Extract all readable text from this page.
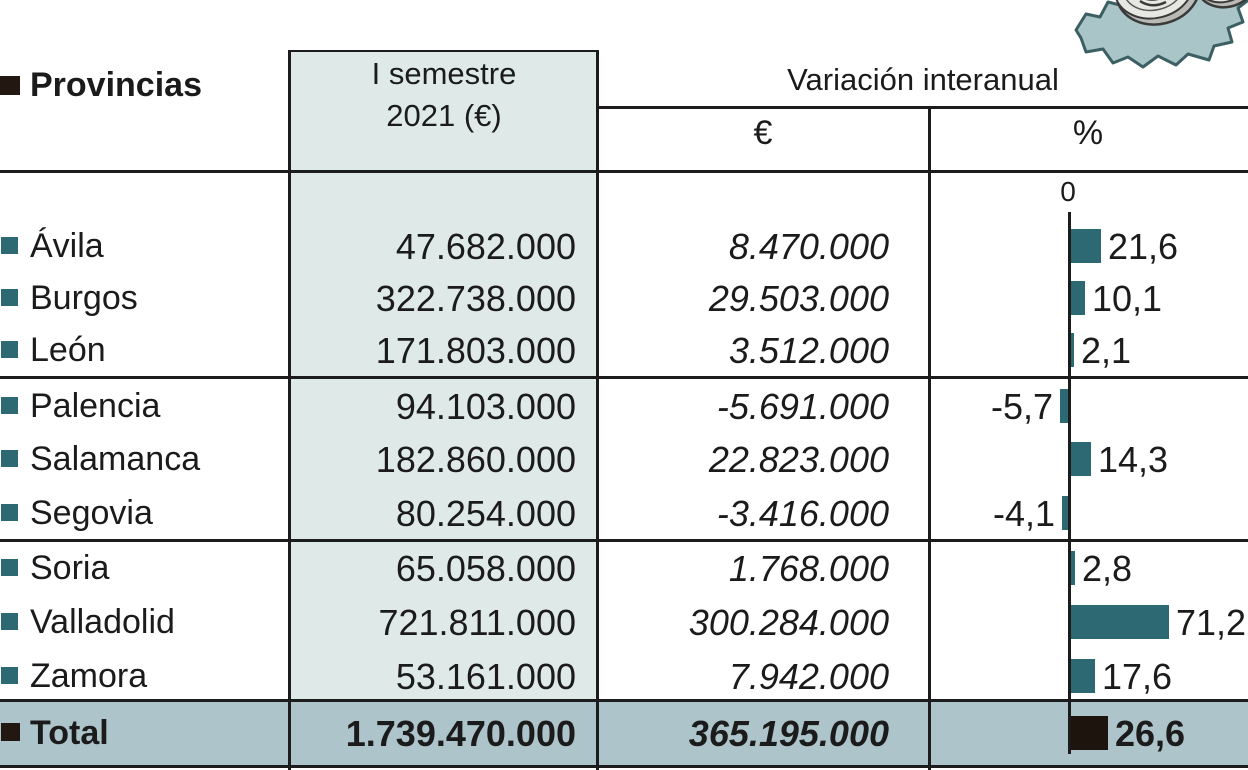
Provincias	I semestre
2021 (€)
Variación interanual
€	%
0
Ávila	47.682.000	8.470.000	21,6
Burgos	322.738.000	29.503.000	10,1
León	171.803.000	3.512.000	2,1
Palencia	94.103.000	-5.691.000	-5,7
Salamanca	182.860.000	22.823.000	14,3
Segovia	80.254.000	-3.416.000	-4,1
Soria	65.058.000	1.768.000	2,8
Valladolid	721.811.000	300.284.000	71,2
Zamora	53.161.000	7.942.000	17,6
Total	1.739.470.000	365.195.000	26,6
